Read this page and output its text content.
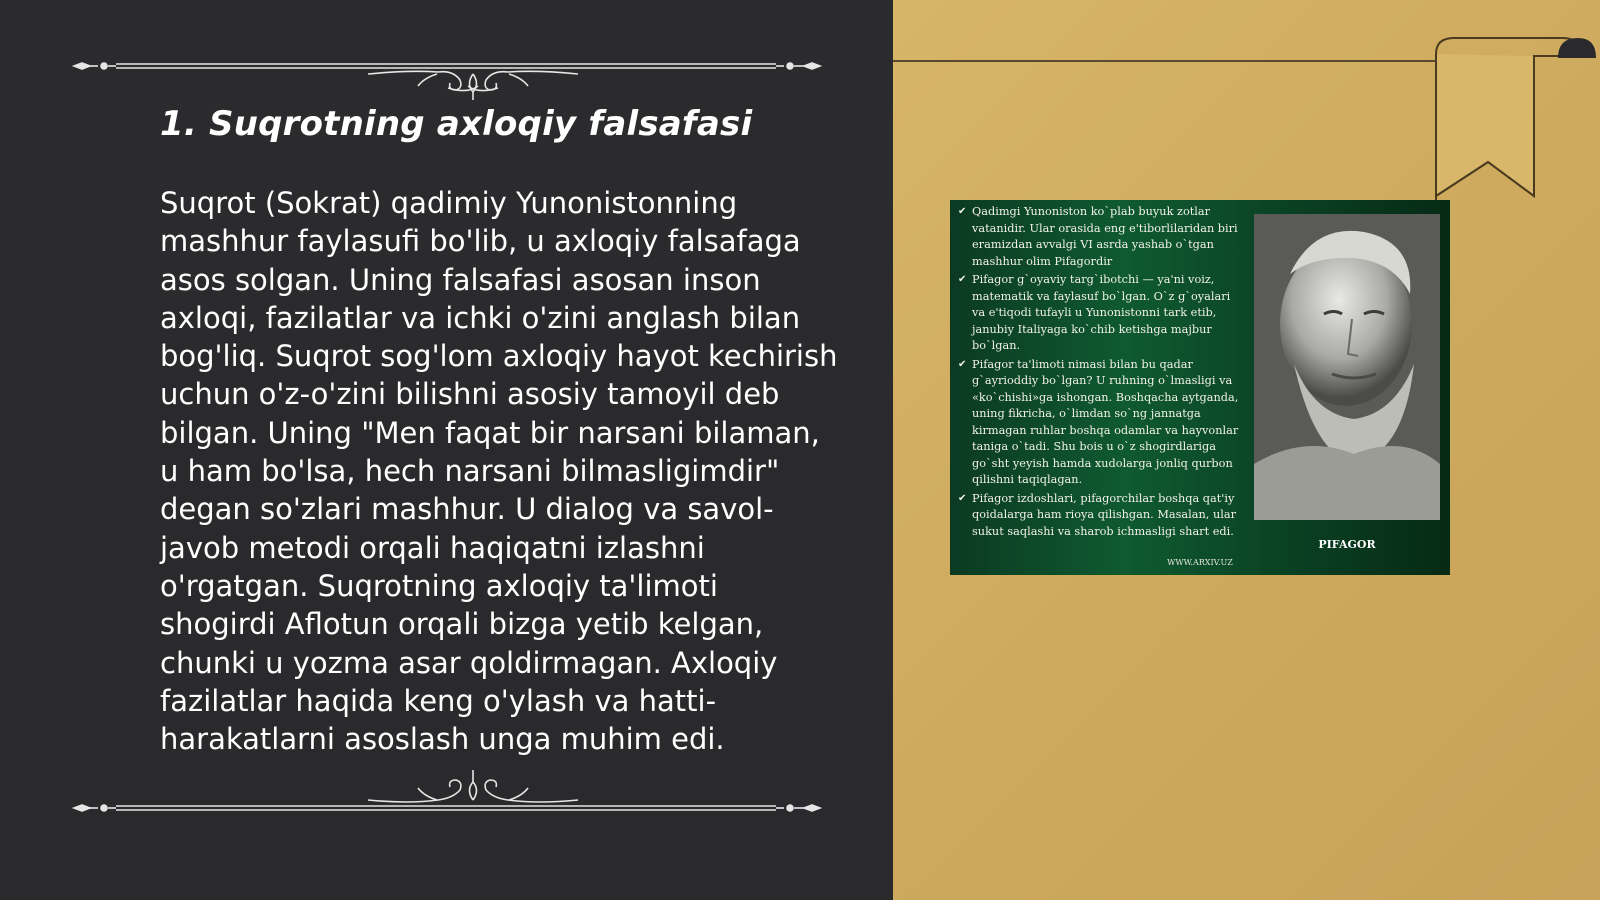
1. Suqrotning axloqiy falsafasi

Suqrot (Sokrat) qadimiy Yunonistonning mashhur faylasufi bo'lib, u axloqiy falsafaga asos solgan. Uning falsafasi asosan inson axloqi, fazilatlar va ichki o'zini anglash bilan bog'liq. Suqrot sog'lom axloqiy hayot kechirish uchun o'z-o'zini bilishni asosiy tamoyil deb bilgan. Uning "Men faqat bir narsani bilaman, u ham bo'lsa, hech narsani bilmasligimdir" degan so'zlari mashhur. U dialog va savol-javob metodi orqali haqiqatni izlashni o'rgatgan. Suqrotning axloqiy ta'limoti shogirdi Aflotun orqali bizga yetib kelgan, chunki u yozma asar qoldirmagan. Axloqiy fazilatlar haqida keng o'ylash va hatti-harakatlarni asoslash unga muhim edi.

✔ Qadimgi Yunoniston ko`plab buyuk zotlar vatanidir. Ular orasida eng e'tiborlilaridan biri eramizdan avvalgi VI asrda yashab o`tgan mashhur olim Pifagordir
✔ Pifagor g`oyaviy targ`ibotchi — ya'ni voiz, matematik va faylasuf bo`lgan. O`z g`oyalari va e'tiqodi tufayli u Yunonistonni tark etib, janubiy Italiyaga ko`chib ketishga majbur bo`lgan.
✔ Pifagor ta'limoti nimasi bilan bu qadar g`ayrioddiy bo`lgan? U ruhning o`lmasligi va «ko`chishi»ga ishongan. Boshqacha aytganda, uning fikricha, o`limdan so`ng jannatga kirmagan ruhlar boshqa odamlar va hayvonlar taniga o`tadi. Shu bois u o`z shogirdlariga go`sht yeyish hamda xudolarga jonliq qurbon qilishni taqiqlagan.
✔ Pifagor izdoshlari, pifagorchilar boshqa qat'iy qoidalarga ham rioya qilishgan. Masalan, ular sukut saqlashi va sharob ichmasligi shart edi.
PIFAGOR
WWW.ARXIV.UZ
